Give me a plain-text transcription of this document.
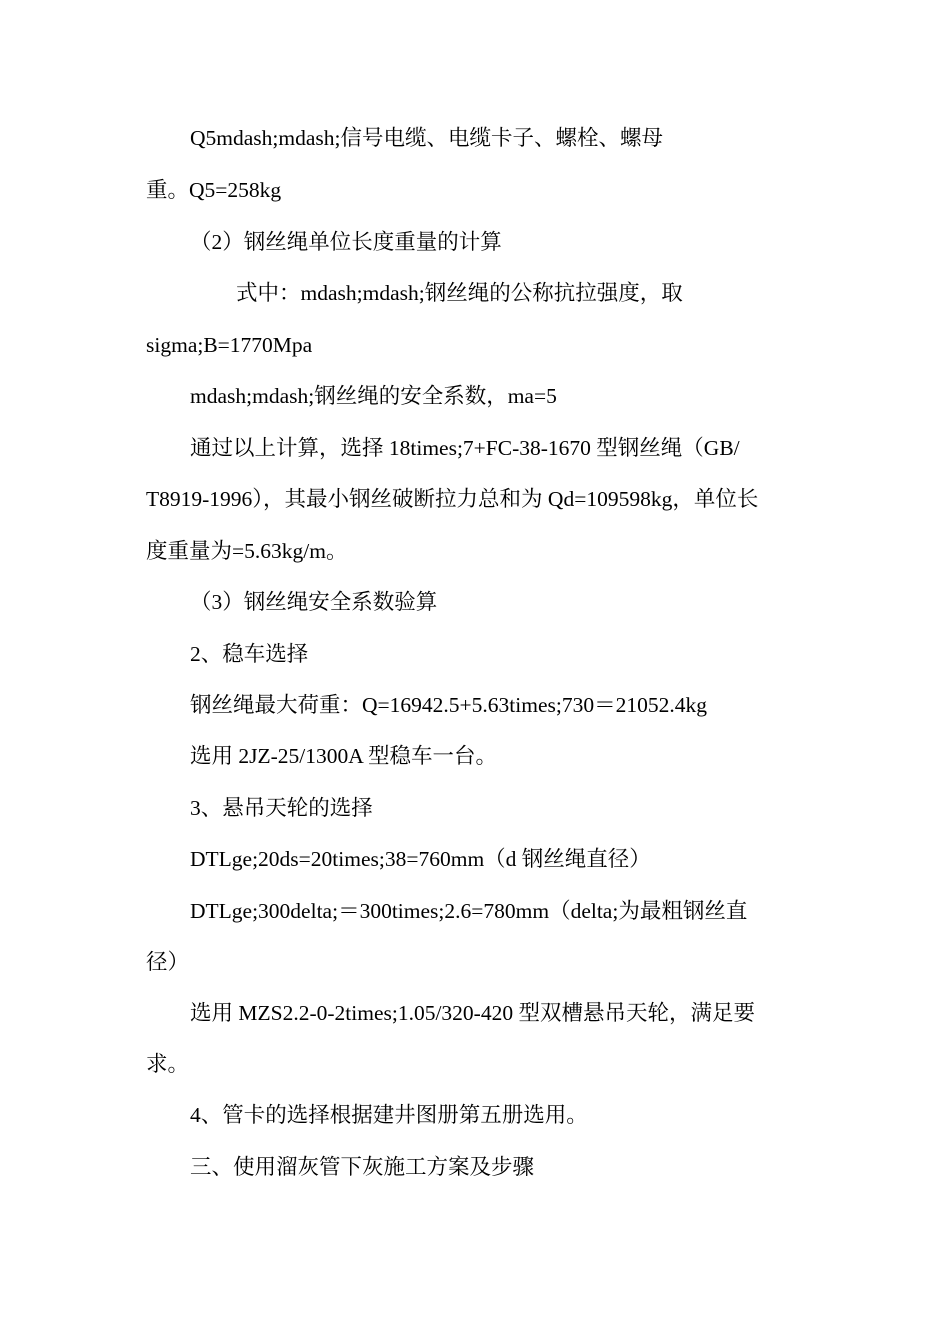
Q5mdash;mdash;信号电缆、电缆卡子、螺栓、螺母
重。Q5=258kg
（2）钢丝绳单位长度重量的计算
式中：mdash;mdash;钢丝绳的公称抗拉强度，取
sigma;B=1770Mpa
mdash;mdash;钢丝绳的安全系数，ma=5
通过以上计算，选择 18times;7+FC-38-1670 型钢丝绳（GB/
T8919-1996），其最小钢丝破断拉力总和为 Qd=109598kg，单位长
度重量为=5.63kg/m。
（3）钢丝绳安全系数验算
2、稳车选择
钢丝绳最大荷重：Q=16942.5+5.63times;730＝21052.4kg
选用 2JZ-25/1300A 型稳车一台。
3、悬吊天轮的选择
DTLge;20ds=20times;38=760mm（d 钢丝绳直径）
DTLge;300delta;＝300times;2.6=780mm（delta;为最粗钢丝直
径）
选用 MZS2.2-0-2times;1.05/320-420 型双槽悬吊天轮，满足要
求。
4、管卡的选择根据建井图册第五册选用。
三、使用溜灰管下灰施工方案及步骤
